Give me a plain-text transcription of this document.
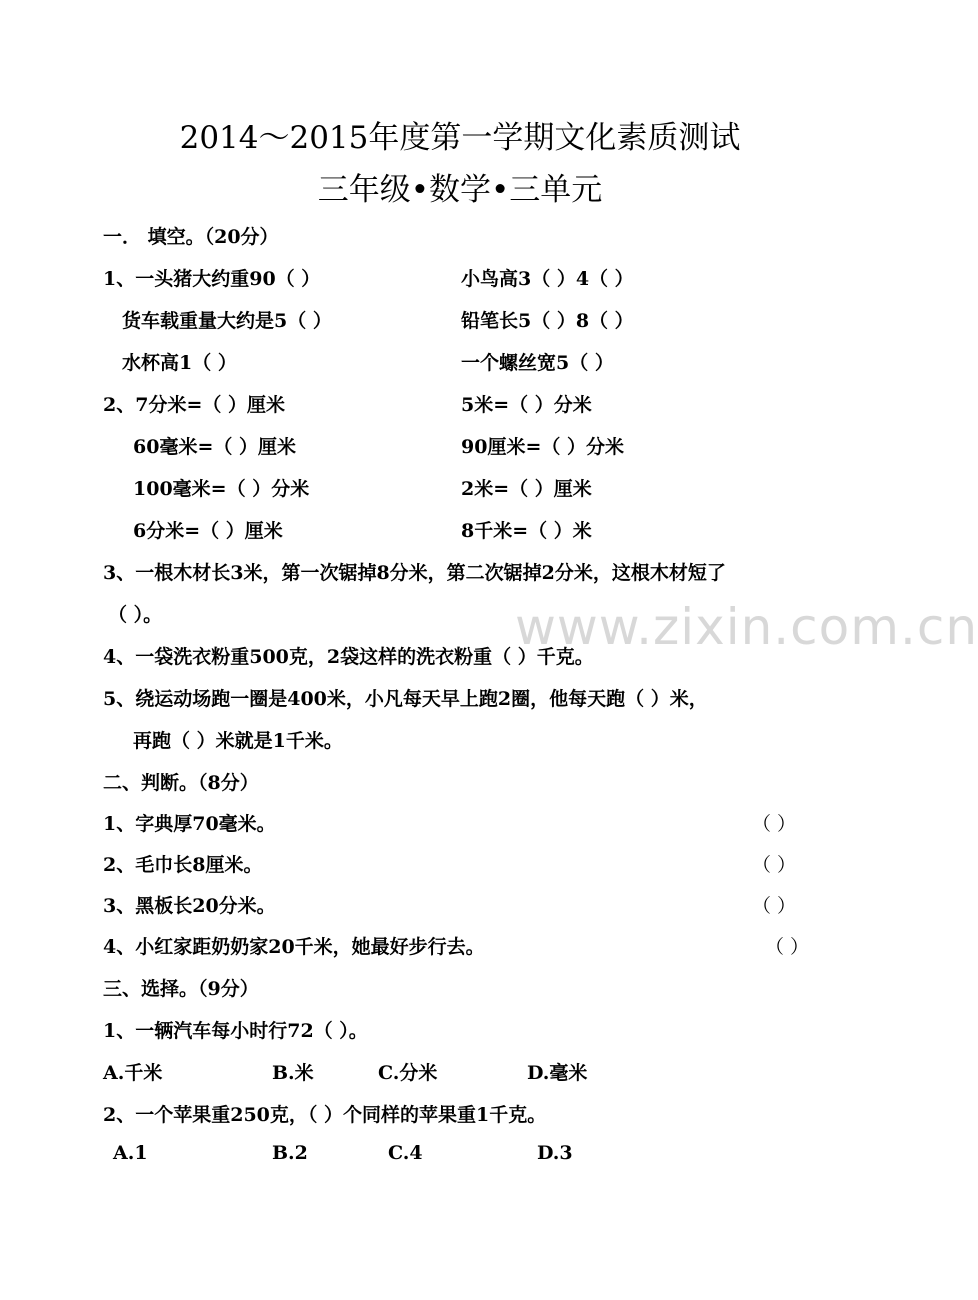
2014～2015年度第一学期文化素质测试
三年级•数学•三单元
一． 填空。（20分）
1、一头猪大约重90（ ）	小鸟高3（ ）4（ ）
货车载重量大约是5（ ）	铅笔长5（ ）8（ ）
水杯高1（ ）	一个螺丝宽5（ ）
2、7分米=（ ）厘米	5米=（ ）分米
60毫米=（ ）厘米	90厘米=（ ）分米
100毫米=（ ）分米	2米=（ ）厘米
6分米=（ ）厘米	8千米=（ ）米
3、一根木材长3米，第一次锯掉8分米，第二次锯掉2分米，这根木材短了
（ ）。
4、一袋洗衣粉重500克，2袋这样的洗衣粉重（ ）千克。
5、绕运动场跑一圈是400米，小凡每天早上跑2圈，他每天跑（ ）米，
再跑（ ）米就是1千米。
二、判断。（8分）
1、字典厚70毫米。	（ ）
2、毛巾长8厘米。	（ ）
3、黑板长20分米。	（ ）
4、小红家距奶奶家20千米，她最好步行去。	（ ）
三、选择。（9分）
1、一辆汽车每小时行72（ ）。
A.千米	B.米	C.分米	D.毫米
2、一个苹果重250克，（ ）个同样的苹果重1千克。
A.1	B.2	C.4	D.3
www.zixin.com.cn
